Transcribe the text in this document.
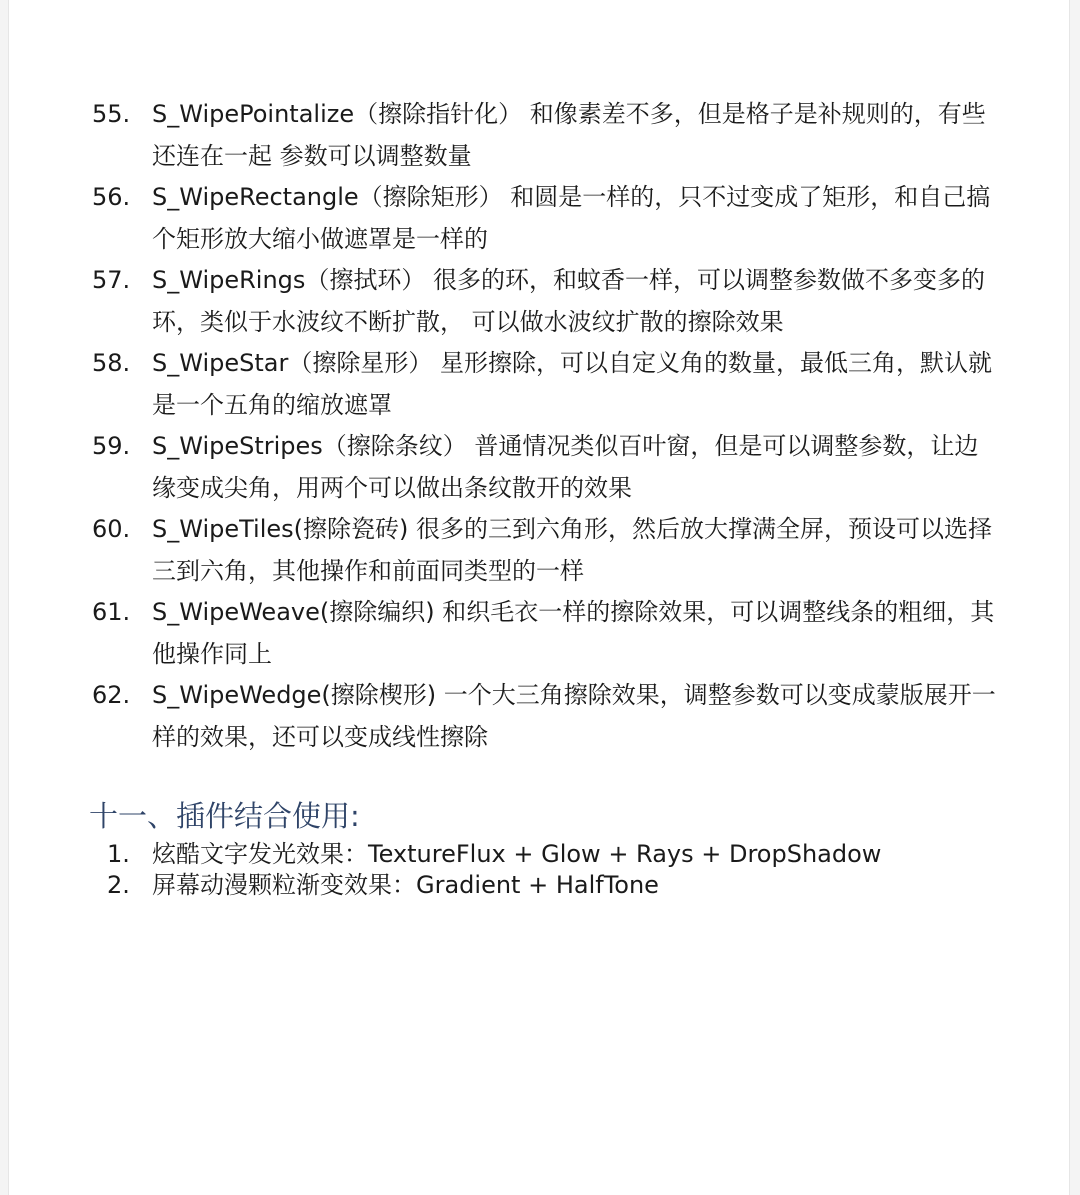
55. S_WipePointalize（擦除指针化） 和像素差不多，但是格子是补规则的，有些还连在一起 参数可以调整数量
56. S_WipeRectangle（擦除矩形） 和圆是一样的，只不过变成了矩形，和自己搞个矩形放大缩小做遮罩是一样的
57. S_WipeRings（擦拭环） 很多的环，和蚊香一样，可以调整参数做不多变多的环，类似于水波纹不断扩散， 可以做水波纹扩散的擦除效果
58. S_WipeStar（擦除星形） 星形擦除，可以自定义角的数量，最低三角，默认就是一个五角的缩放遮罩
59. S_WipeStripes（擦除条纹） 普通情况类似百叶窗，但是可以调整参数，让边缘变成尖角，用两个可以做出条纹散开的效果
60. S_WipeTiles(擦除瓷砖) 很多的三到六角形，然后放大撑满全屏，预设可以选择三到六角，其他操作和前面同类型的一样
61. S_WipeWeave(擦除编织) 和织毛衣一样的擦除效果，可以调整线条的粗细，其他操作同上
62. S_WipeWedge(擦除楔形) 一个大三角擦除效果，调整参数可以变成蒙版展开一样的效果，还可以变成线性擦除
十一、插件结合使用:
1. 炫酷文字发光效果：TextureFlux + Glow + Rays + DropShadow
2. 屏幕动漫颗粒渐变效果：Gradient + HalfTone
